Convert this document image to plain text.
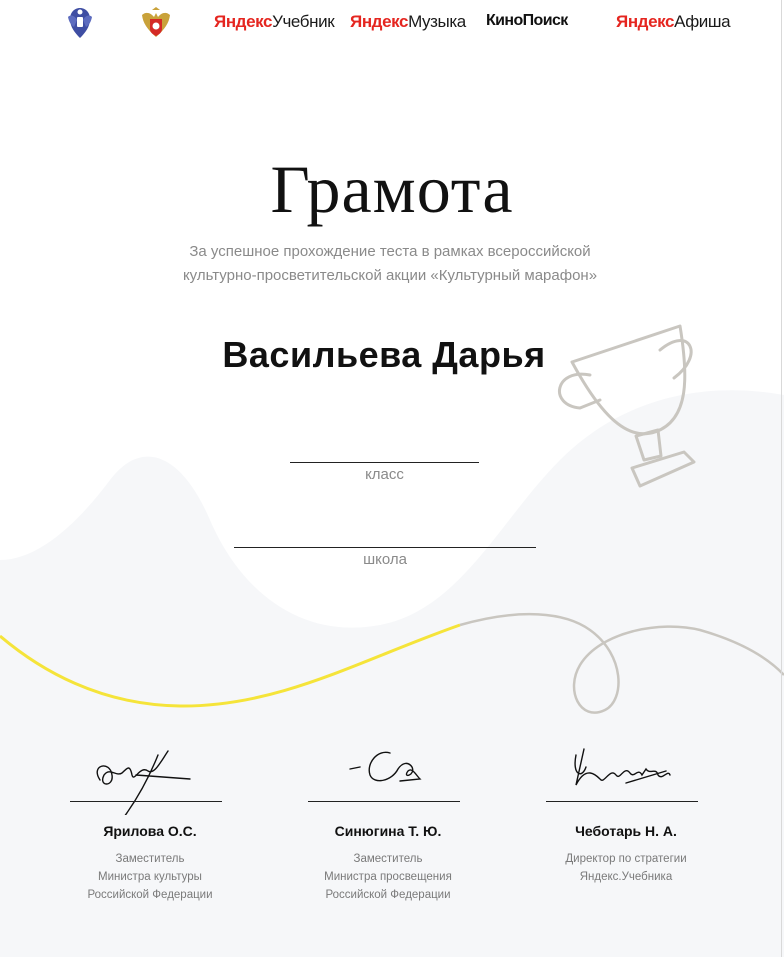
ЯндексУчебник ЯндексМузыка КиноПоиск	ЯндексАфиша
Грамота
За успешное прохождение теста в рамках всероссийской
культурно-просветительской акции «Культурный марафон»
Васильева Дарья
класс
школа
Ярилова О.С.
Заместитель
Министра культуры
Российской Федерации
Синюгина Т. Ю.
Заместитель
Министра просвещения
Российской Федерации
Чеботарь Н. А.
Директор по стратегии
Яндекс.Учебника
